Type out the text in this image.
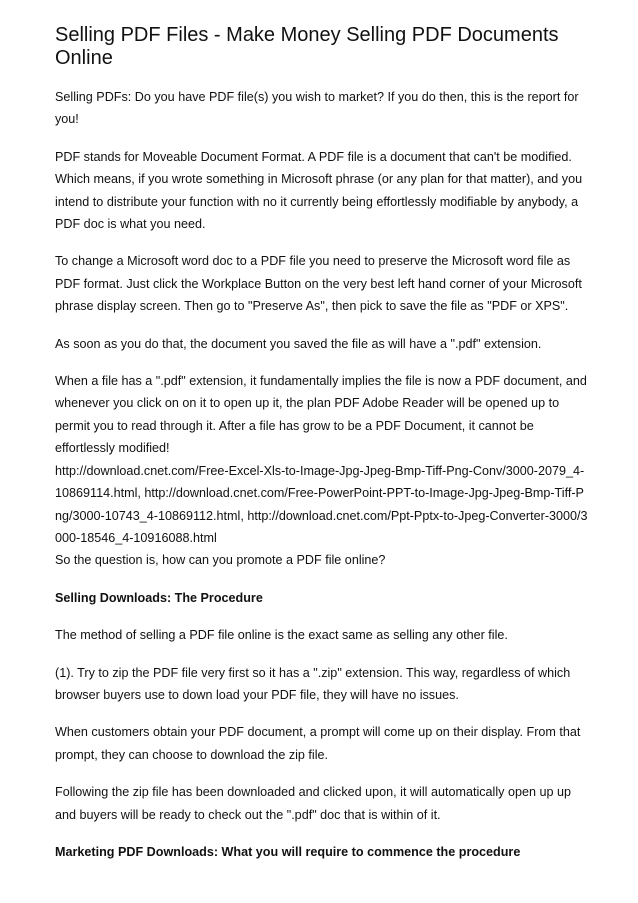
Selling PDF Files - Make Money Selling PDF Documents Online

Selling PDFs: Do you have PDF file(s) you wish to market? If you do then, this is the report for you!

PDF stands for Moveable Document Format. A PDF file is a document that can't be modified. Which means, if you wrote something in Microsoft phrase (or any plan for that matter), and you intend to distribute your function with no it currently being effortlessly modifiable by anybody, a PDF doc is what you need.

To change a Microsoft word doc to a PDF file you need to preserve the Microsoft word file as PDF format. Just click the Workplace Button on the very best left hand corner of your Microsoft phrase display screen. Then go to "Preserve As", then pick to save the file as "PDF or XPS".

As soon as you do that, the document you saved the file as will have a ".pdf" extension.

When a file has a ".pdf" extension, it fundamentally implies the file is now a PDF document, and whenever you click on on it to open up it, the plan PDF Adobe Reader will be opened up to permit you to read through it. After a file has grow to be a PDF Document, it cannot be effortlessly modified!

http://download.cnet.com/Free-Excel-Xls-to-Image-Jpg-Jpeg-Bmp-Tiff-Png-Conv/3000-2079_4-10869114.html, http://download.cnet.com/Free-PowerPoint-PPT-to-Image-Jpg-Jpeg-Bmp-Tiff-Png/3000-10743_4-10869112.html, http://download.cnet.com/Ppt-Pptx-to-Jpeg-Converter-3000/3000-18546_4-10916088.html

So the question is, how can you promote a PDF file online?

Selling Downloads: The Procedure

The method of selling a PDF file online is the exact same as selling any other file.

(1). Try to zip the PDF file very first so it has a ".zip" extension. This way, regardless of which browser buyers use to down load your PDF file, they will have no issues.

When customers obtain your PDF document, a prompt will come up on their display. From that prompt, they can choose to download the zip file.

Following the zip file has been downloaded and clicked upon, it will automatically open up up and buyers will be ready to check out the ".pdf" doc that is within of it.

Marketing PDF Downloads: What you will require to commence the procedure
